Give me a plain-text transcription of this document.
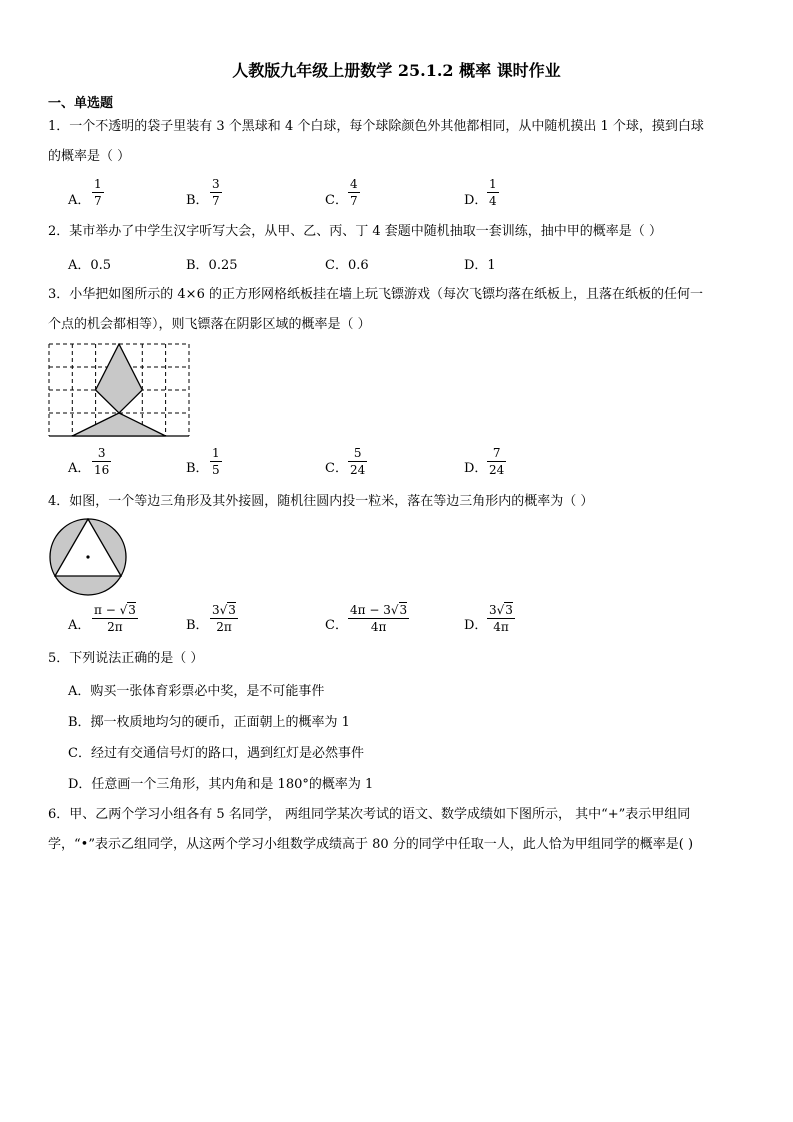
人教版九年级上册数学 25.1.2 概率 课时作业
一、单选题
1．一个不透明的袋子里装有 3 个黑球和 4 个白球，每个球除颜色外其他都相同，从中随机摸出 1 个球，摸到白球
的概率是（ ）
A．
1
7	B．
3
7	C．
4
7	D．
1
4
2．某市举办了中学生汉字听写大会，从甲、乙、丙、丁 4 套题中随机抽取一套训练，抽中甲的概率是（ ）
A．0.5	B．0.25	C．0.6	D．1
3．小华把如图所示的 4×6 的正方形网格纸板挂在墙上玩飞镖游戏（每次飞镖均落在纸板上，且落在纸板的任何一
个点的机会都相等），则飞镖落在阴影区域的概率是（ ）
A．
3
16	B．
1
5	C．
5
24	D．
7
24
4．如图，一个等边三角形及其外接圆，随机往圆内投一粒米，落在等边三角形内的概率为（ ）
A．
π − √3
2π	B．
3√3
2π	C．
4π − 3√3
4π	D．
3√3
4π
5．下列说法正确的是（ ）
A．购买一张体育彩票必中奖，是不可能事件
B．掷一枚质地均匀的硬币，正面朝上的概率为 1
C．经过有交通信号灯的路口，遇到红灯是必然事件
D．任意画一个三角形，其内角和是 180°的概率为 1
6．甲、乙两个学习小组各有 5 名同学， 两组同学某次考试的语文、数学成绩如下图所示， 其中“+”表示甲组同
学，“•”表示乙组同学，从这两个学习小组数学成绩高于 80 分的同学中任取一人，此人恰为甲组同学的概率是( )
